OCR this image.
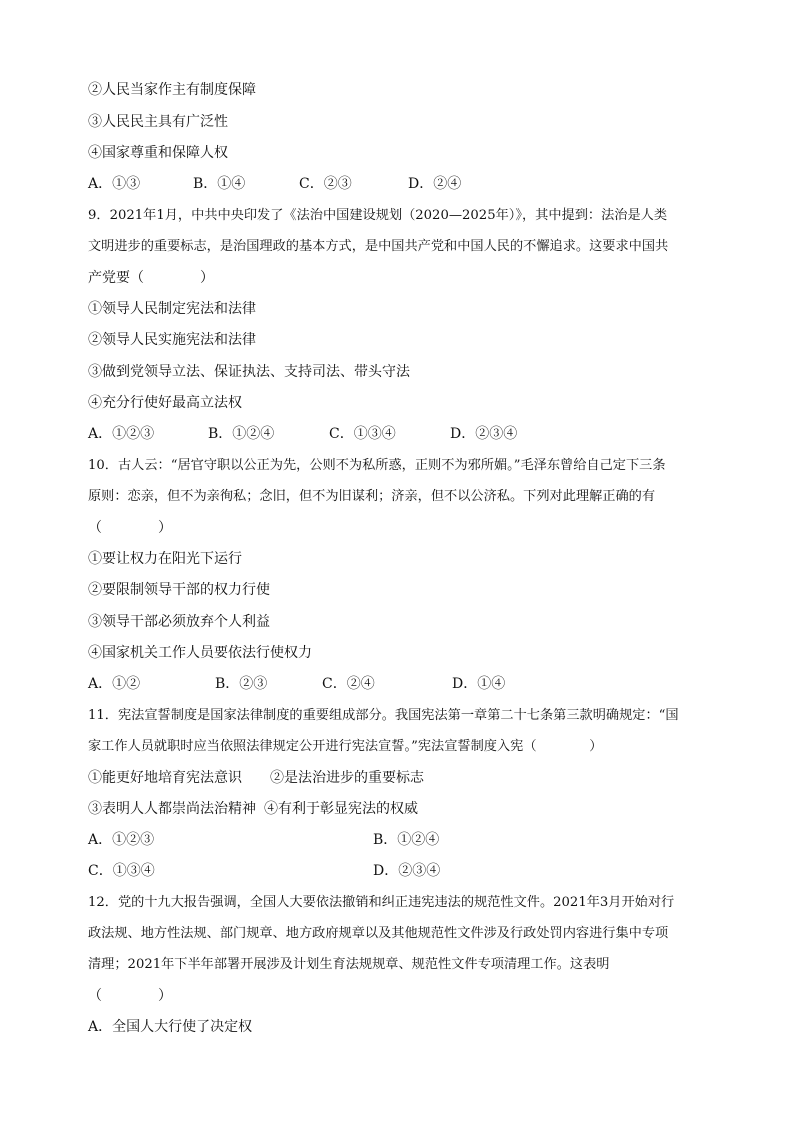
②人民当家作主有制度保障
③人民民主具有广泛性
④国家尊重和保障人权
A．①③	B．①④	C．②③	D．②④
9．2021年1月，中共中央印发了《法治中国建设规划（2020—2025年）》，其中提到：法治是人类
文明进步的重要标志，是治国理政的基本方式，是中国共产党和中国人民的不懈追求。这要求中国共
产党要（　　　　）
①领导人民制定宪法和法律
②领导人民实施宪法和法律
③做到党领导立法、保证执法、支持司法、带头守法
④充分行使好最高立法权
A．①②③	B．①②④	C．①③④	D．②③④
10．古人云：“居官守职以公正为先，公则不为私所惑，正则不为邪所媚。”毛泽东曾给自己定下三条
原则：恋亲，但不为亲徇私；念旧，但不为旧谋利；济亲，但不以公济私。下列对此理解正确的有
（　　　　）
①要让权力在阳光下运行
②要限制领导干部的权力行使
③领导干部必须放弃个人利益
④国家机关工作人员要依法行使权力
A．①②	B．②③	C．②④	D．①④
11．宪法宣誓制度是国家法律制度的重要组成部分。我国宪法第一章第二十七条第三款明确规定：“国
家工作人员就职时应当依照法律规定公开进行宪法宣誓。”宪法宣誓制度入宪（　　　　）
①能更好地培育宪法意识 ②是法治进步的重要标志
③表明人人都崇尚法治精神 ④有利于彰显宪法的权威
A．①②③	B．①②④
C．①③④	D．②③④
12．党的十九大报告强调，全国人大要依法撤销和纠正违宪违法的规范性文件。2021年3月开始对行
政法规、地方性法规、部门规章、地方政府规章以及其他规范性文件涉及行政处罚内容进行集中专项
清理；2021年下半年部署开展涉及计划生育法规规章、规范性文件专项清理工作。这表明
（　　　　）
A．全国人大行使了决定权
